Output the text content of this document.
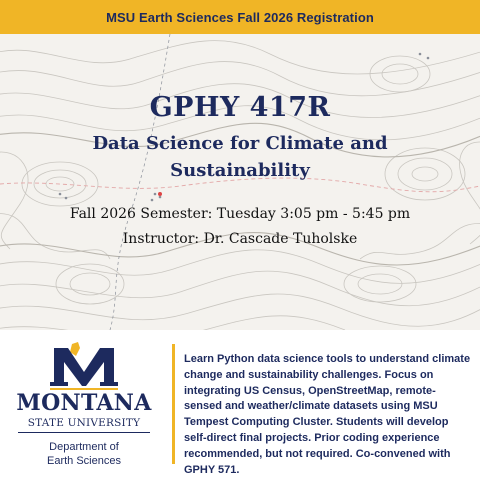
MSU Earth Sciences Fall 2026 Registration
GPHY 417R
Data Science for Climate and Sustainability
Fall 2026 Semester: Tuesday 3:05 pm - 5:45 pm
Instructor: Dr. Cascade Tuholske
MONTANA
STATE UNIVERSITY
Department of
Earth Sciences
Learn Python data science tools to understand climate change and sustainability challenges. Focus on integrating US Census, OpenStreetMap, remote-sensed and weather/climate datasets using MSU Tempest Computing Cluster. Students will develop self-direct final projects. Prior coding experience recommended, but not required. Co-convened with GPHY 571.
